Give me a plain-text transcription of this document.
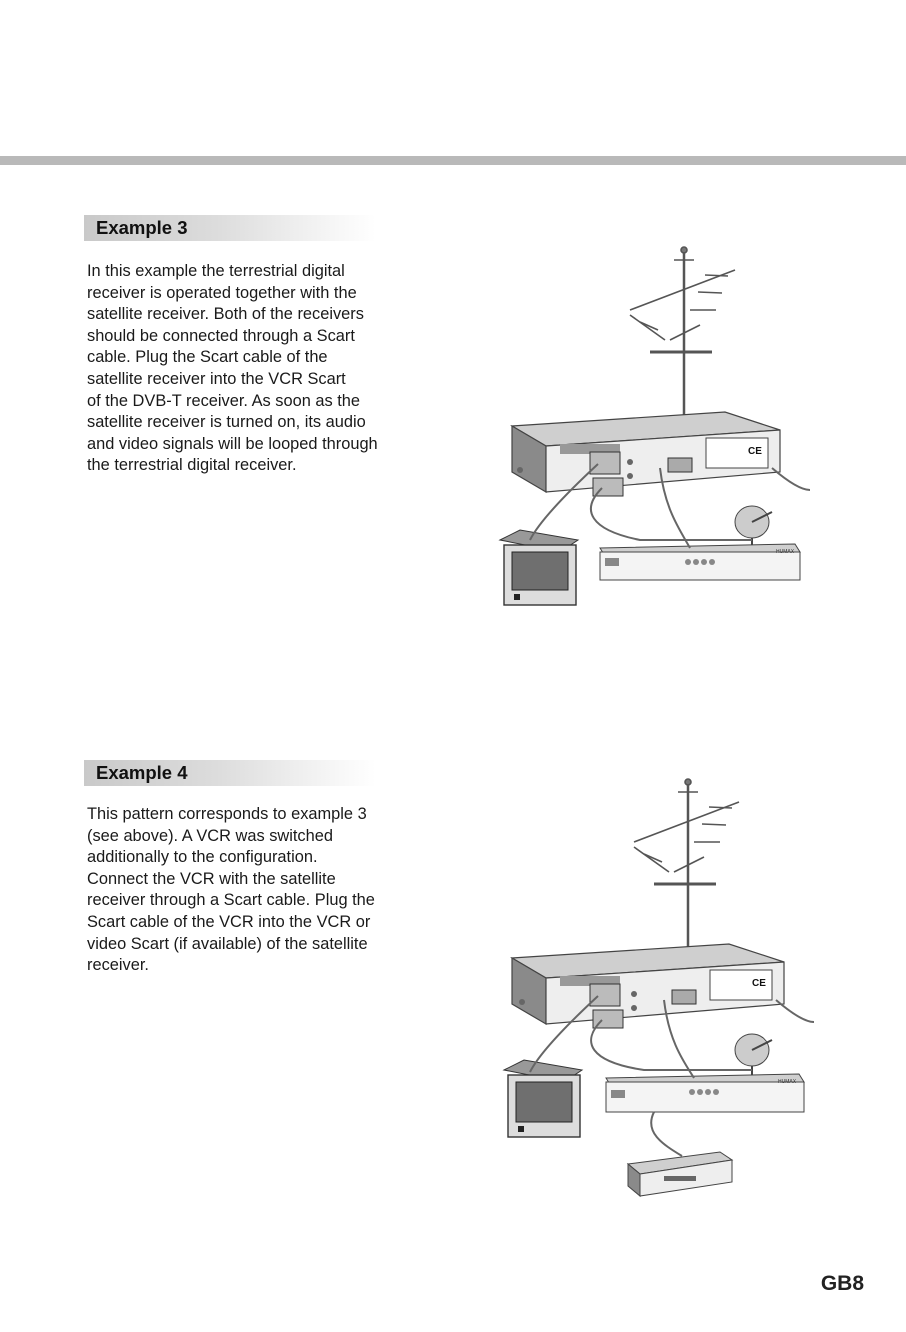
Example 3
In this example the terrestrial digital
receiver is operated together with the
satellite receiver. Both of the receivers
should be connected through a Scart
cable. Plug the Scart cable of the
satellite receiver into the VCR Scart
of the DVB-T receiver. As soon as the
satellite receiver is turned on, its audio
and video signals will be looped through
the terrestrial digital receiver.
CE
HUMAX
Example 4
This pattern corresponds to example 3
(see above). A VCR was switched
additionally to the configuration.
Connect the VCR with the satellite
receiver through a Scart cable. Plug the
Scart cable of the VCR into the VCR or
video Scart (if available) of the satellite
receiver.
CE
HUMAX
GB8
